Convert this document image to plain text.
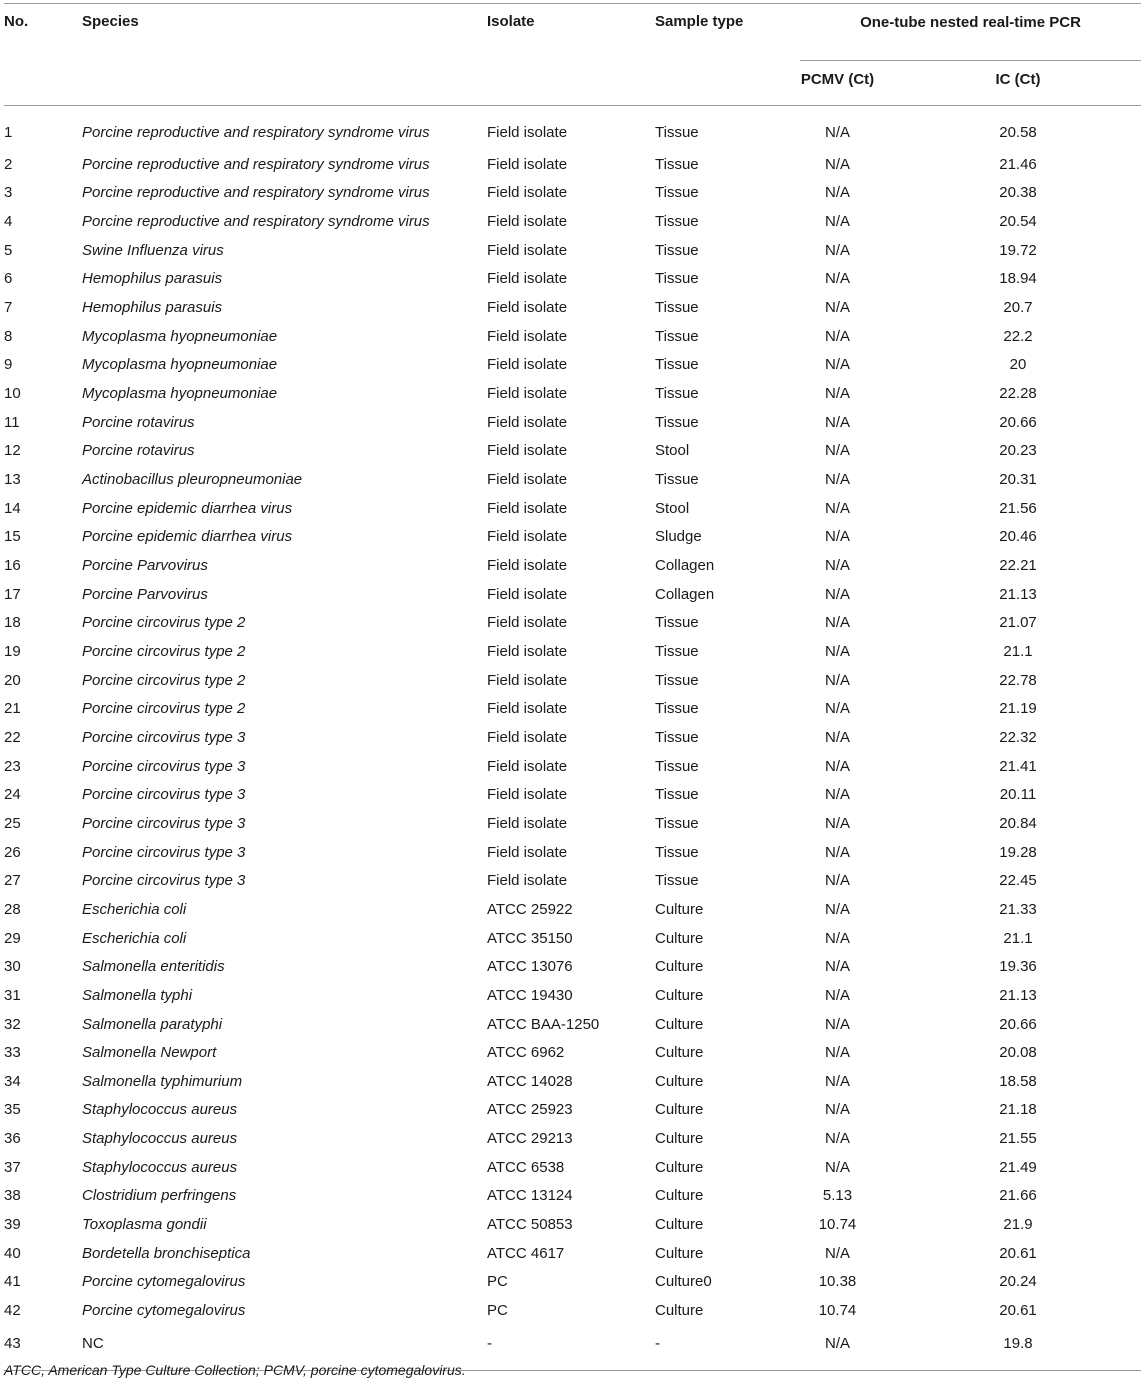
No.	Species	Isolate	Sample type	One-tube nested real-time PCR	
				PCMV (Ct)	IC (Ct)
1	Porcine reproductive and respiratory syndrome virus	Field isolate	Tissue	N/A	20.58
2	Porcine reproductive and respiratory syndrome virus	Field isolate	Tissue	N/A	21.46
3	Porcine reproductive and respiratory syndrome virus	Field isolate	Tissue	N/A	20.38
4	Porcine reproductive and respiratory syndrome virus	Field isolate	Tissue	N/A	20.54
5	Swine Influenza virus	Field isolate	Tissue	N/A	19.72
6	Hemophilus parasuis	Field isolate	Tissue	N/A	18.94
7	Hemophilus parasuis	Field isolate	Tissue	N/A	20.7
8	Mycoplasma hyopneumoniae	Field isolate	Tissue	N/A	22.2
9	Mycoplasma hyopneumoniae	Field isolate	Tissue	N/A	20
10	Mycoplasma hyopneumoniae	Field isolate	Tissue	N/A	22.28
11	Porcine rotavirus	Field isolate	Tissue	N/A	20.66
12	Porcine rotavirus	Field isolate	Stool	N/A	20.23
13	Actinobacillus pleuropneumoniae	Field isolate	Tissue	N/A	20.31
14	Porcine epidemic diarrhea virus	Field isolate	Stool	N/A	21.56
15	Porcine epidemic diarrhea virus	Field isolate	Sludge	N/A	20.46
16	Porcine Parvovirus	Field isolate	Collagen	N/A	22.21
17	Porcine Parvovirus	Field isolate	Collagen	N/A	21.13
18	Porcine circovirus type 2	Field isolate	Tissue	N/A	21.07
19	Porcine circovirus type 2	Field isolate	Tissue	N/A	21.1
20	Porcine circovirus type 2	Field isolate	Tissue	N/A	22.78
21	Porcine circovirus type 2	Field isolate	Tissue	N/A	21.19
22	Porcine circovirus type 3	Field isolate	Tissue	N/A	22.32
23	Porcine circovirus type 3	Field isolate	Tissue	N/A	21.41
24	Porcine circovirus type 3	Field isolate	Tissue	N/A	20.11
25	Porcine circovirus type 3	Field isolate	Tissue	N/A	20.84
26	Porcine circovirus type 3	Field isolate	Tissue	N/A	19.28
27	Porcine circovirus type 3	Field isolate	Tissue	N/A	22.45
28	Escherichia coli	ATCC 25922	Culture	N/A	21.33
29	Escherichia coli	ATCC 35150	Culture	N/A	21.1
30	Salmonella enteritidis	ATCC 13076	Culture	N/A	19.36
31	Salmonella typhi	ATCC 19430	Culture	N/A	21.13
32	Salmonella paratyphi	ATCC BAA-1250	Culture	N/A	20.66
33	Salmonella Newport	ATCC 6962	Culture	N/A	20.08
34	Salmonella typhimurium	ATCC 14028	Culture	N/A	18.58
35	Staphylococcus aureus	ATCC 25923	Culture	N/A	21.18
36	Staphylococcus aureus	ATCC 29213	Culture	N/A	21.55
37	Staphylococcus aureus	ATCC 6538	Culture	N/A	21.49
38	Clostridium perfringens	ATCC 13124	Culture	5.13	21.66
39	Toxoplasma gondii	ATCC 50853	Culture	10.74	21.9
40	Bordetella bronchiseptica	ATCC 4617	Culture	N/A	20.61
41	Porcine cytomegalovirus	PC	Culture0	10.38	20.24
42	Porcine cytomegalovirus	PC	Culture	10.74	20.61
43	NC	-	-	N/A	19.8
ATCC, American Type Culture Collection; PCMV, porcine cytomegalovirus.
